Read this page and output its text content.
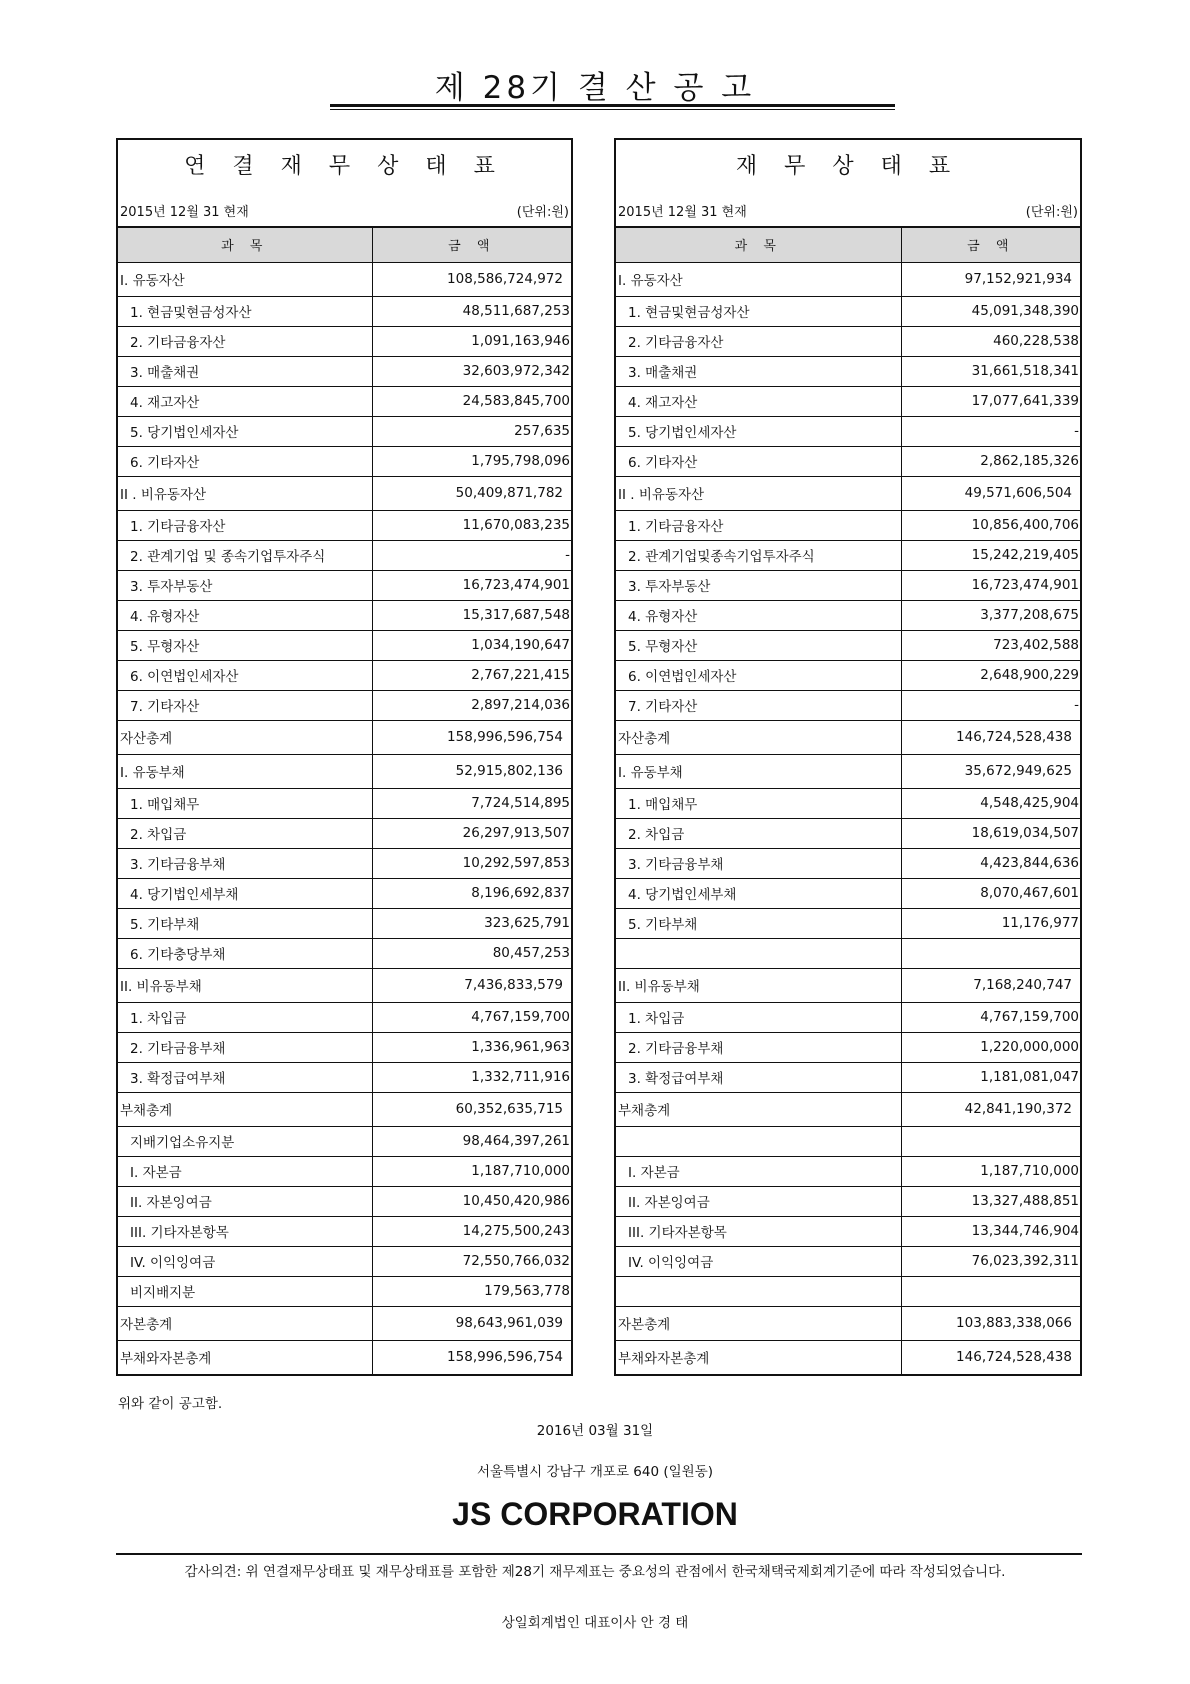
제 28기 결 산 공 고
연 결 재 무 상 태 표
2015년 12월 31 현재	(단위:원)
과 목	금 액
I. 유동자산	108,586,724,972
1. 현금및현금성자산	48,511,687,253
2. 기타금융자산	1,091,163,946
3. 매출채권	32,603,972,342
4. 재고자산	24,583,845,700
5. 당기법인세자산	257,635
6. 기타자산	1,795,798,096
II . 비유동자산	50,409,871,782
1. 기타금융자산	11,670,083,235
2. 관계기업 및 종속기업투자주식	-
3. 투자부동산	16,723,474,901
4. 유형자산	15,317,687,548
5. 무형자산	1,034,190,647
6. 이연법인세자산	2,767,221,415
7. 기타자산	2,897,214,036
자산총계	158,996,596,754
I. 유동부채	52,915,802,136
1. 매입채무	7,724,514,895
2. 차입금	26,297,913,507
3. 기타금융부채	10,292,597,853
4. 당기법인세부채	8,196,692,837
5. 기타부채	323,625,791
6. 기타충당부채	80,457,253
II. 비유동부채	7,436,833,579
1. 차입금	4,767,159,700
2. 기타금융부채	1,336,961,963
3. 확정급여부채	1,332,711,916
부채총계	60,352,635,715
지배기업소유지분	98,464,397,261
I. 자본금	1,187,710,000
II. 자본잉여금	10,450,420,986
III. 기타자본항목	14,275,500,243
IV. 이익잉여금	72,550,766,032
비지배지분	179,563,778
자본총계	98,643,961,039
부채와자본총계	158,996,596,754
재 무 상 태 표
2015년 12월 31 현재	(단위:원)
과 목	금 액
I. 유동자산	97,152,921,934
1. 현금및현금성자산	45,091,348,390
2. 기타금융자산	460,228,538
3. 매출채권	31,661,518,341
4. 재고자산	17,077,641,339
5. 당기법인세자산	-
6. 기타자산	2,862,185,326
II . 비유동자산	49,571,606,504
1. 기타금융자산	10,856,400,706
2. 관계기업및종속기업투자주식	15,242,219,405
3. 투자부동산	16,723,474,901
4. 유형자산	3,377,208,675
5. 무형자산	723,402,588
6. 이연법인세자산	2,648,900,229
7. 기타자산	-
자산총계	146,724,528,438
I. 유동부채	35,672,949,625
1. 매입채무	4,548,425,904
2. 차입금	18,619,034,507
3. 기타금융부채	4,423,844,636
4. 당기법인세부채	8,070,467,601
5. 기타부채	11,176,977

II. 비유동부채	7,168,240,747
1. 차입금	4,767,159,700
2. 기타금융부채	1,220,000,000
3. 확정급여부채	1,181,081,047
부채총계	42,841,190,372

I. 자본금	1,187,710,000
II. 자본잉여금	13,327,488,851
III. 기타자본항목	13,344,746,904
IV. 이익잉여금	76,023,392,311

자본총계	103,883,338,066
부채와자본총계	146,724,528,438
위와 같이 공고함.
2016년 03월 31일
서울특별시 강남구 개포로 640 (일원동)
JS CORPORATION
감사의견: 위 연결재무상태표 및 재무상태표를 포함한 제28기 재무제표는 중요성의 관점에서 한국채택국제회계기준에 따라 작성되었습니다.
상일회계법인 대표이사 안 경 태
